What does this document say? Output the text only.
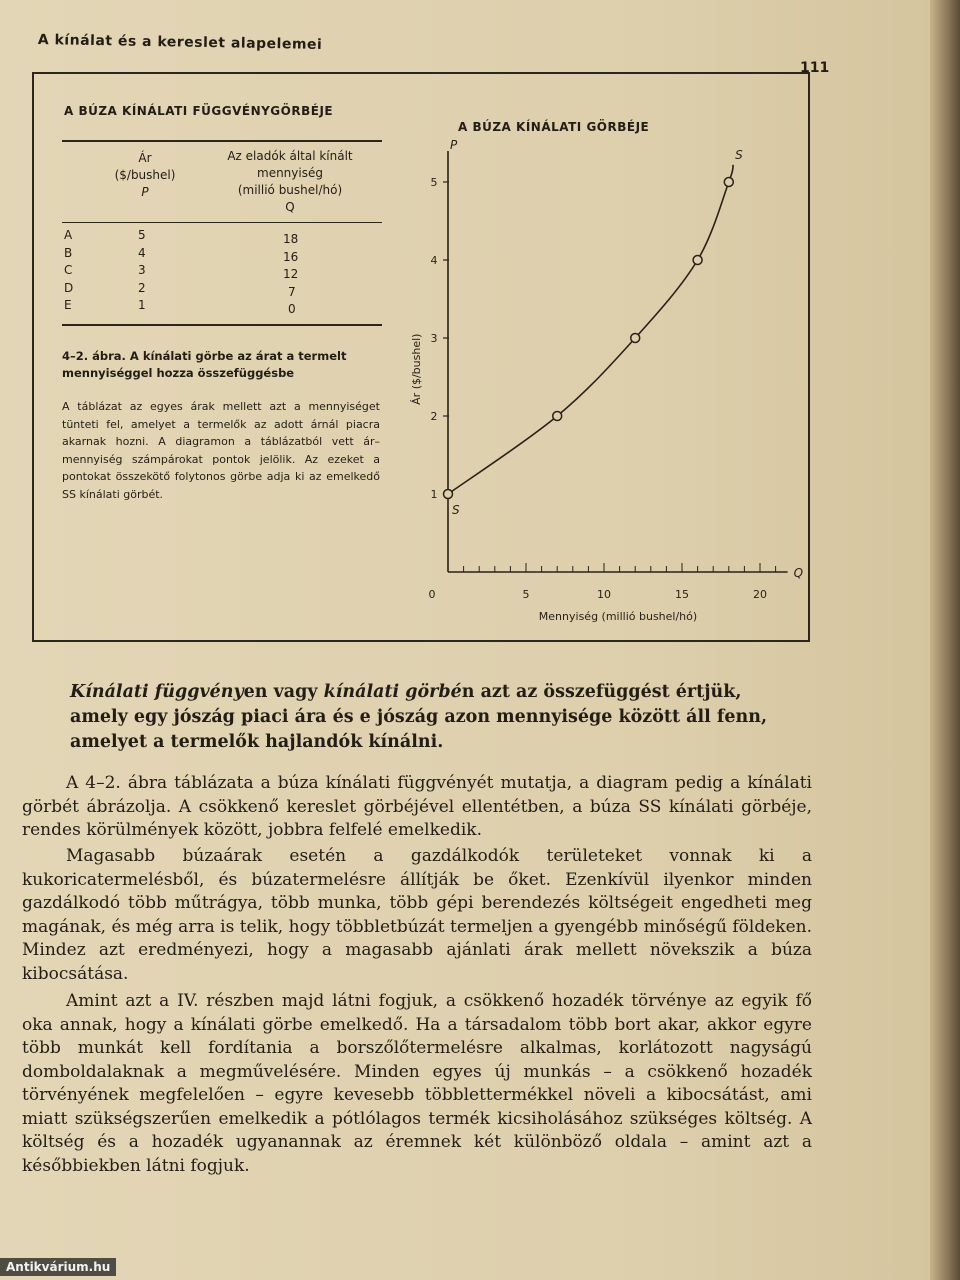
A kínálat és a kereslet alapelemei
111
A BÚZA KÍNÁLATI FÜGGVÉNYGÖRBÉJE
Ár
($/bushel)
P
Az eladók által kínált
mennyiség
(millió bushel/hó)
Q
A	5	18
B	4	16
C	3	12
D	2	7
E	1	0
4–2. ábra. A kínálati görbe az árat a termelt mennyiséggel hozza összefüggésbe
A táblázat az egyes árak mellett azt a mennyiséget tünteti fel, amelyet a termelők az adott árnál piacra akarnak hozni. A diagramon a táblázatból vett ár–mennyiség számpárokat pontok jelölik. Az ezeket a pontokat összekötő folytonos görbe adja ki az emelkedő SS kínálati görbét.
A BÚZA KÍNÁLATI GÖRBÉJE
P
Q
1
2
3
4
5
0	5	10	15	20
Mennyiség (millió bushel/hó)
Ár ($/bushel)
S
S
Kínálati függvényen vagy kínálati görbén azt az összefüggést értjük, amely egy jószág piaci ára és e jószág azon mennyisége között áll fenn, amelyet a termelők hajlandók kínálni.
A 4–2. ábra táblázata a búza kínálati függvényét mutatja, a diagram pedig a kínálati görbét ábrázolja. A csökkenő kereslet görbéjével ellentétben, a búza SS kínálati görbéje, rendes körülmények között, jobbra felfelé emelkedik.
Magasabb búzaárak esetén a gazdálkodók területeket vonnak ki a kukoricatermelésből, és búzatermelésre állítják be őket. Ezenkívül ilyenkor minden gazdálkodó több műtrágya, több munka, több gépi berendezés költségeit engedheti meg magának, és még arra is telik, hogy többletbúzát termeljen a gyengébb minőségű földeken. Mindez azt eredményezi, hogy a magasabb ajánlati árak mellett növekszik a búza kibocsátása.
Amint azt a IV. részben majd látni fogjuk, a csökkenő hozadék törvénye az egyik fő oka annak, hogy a kínálati görbe emelkedő. Ha a társadalom több bort akar, akkor egyre több munkát kell fordítania a borszőlőtermelésre alkalmas, korlátozott nagyságú domboldalaknak a megművelésére. Minden egyes új munkás – a csökkenő hozadék törvényének megfelelően – egyre kevesebb többlettermékkel növeli a kibocsátást, ami miatt szükségszerűen emelkedik a pótlólagos termék kicsiholásához szükséges költség. A költség és a hozadék ugyanannak az éremnek két különböző oldala – amint azt a későbbiekben látni fogjuk.
Antikvárium.hu
